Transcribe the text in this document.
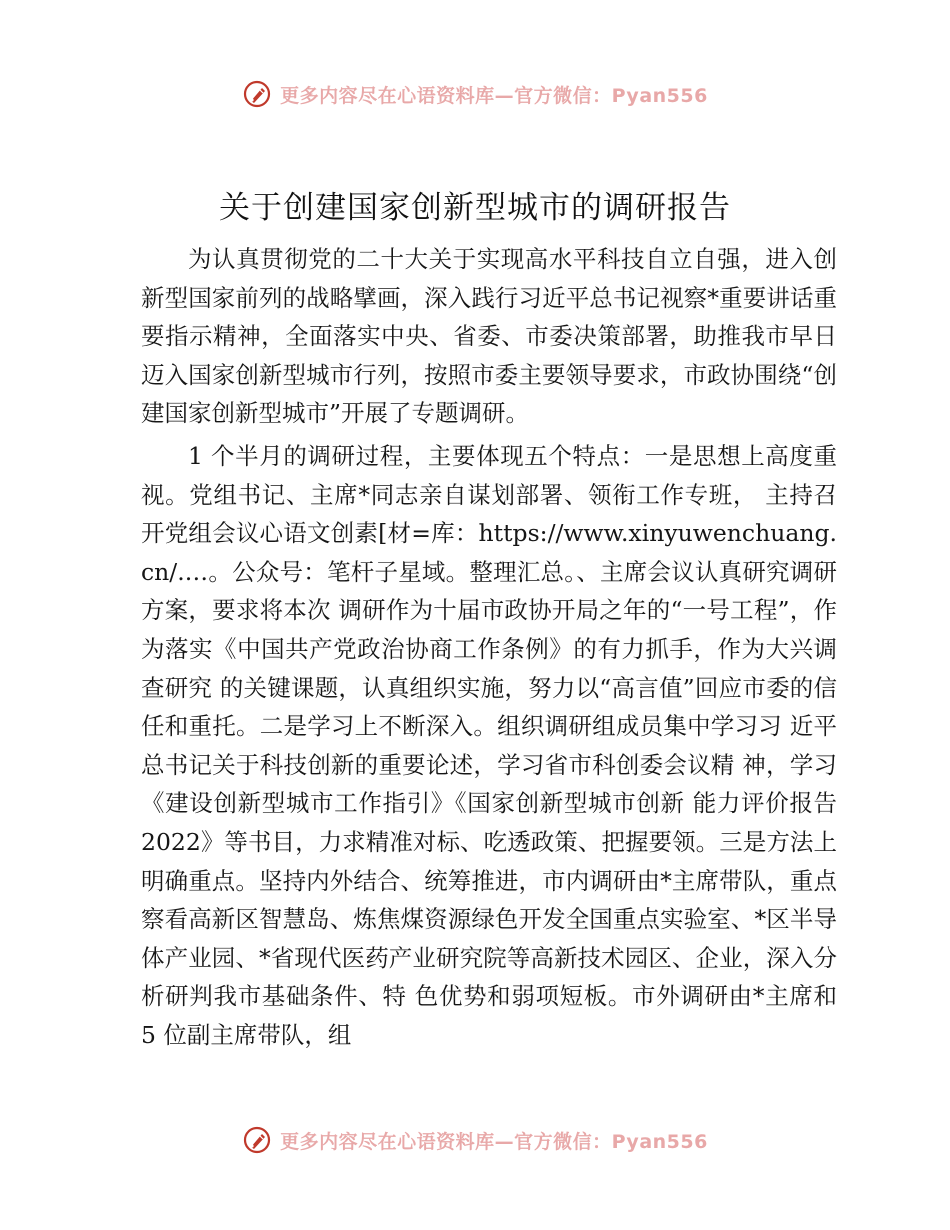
更多内容尽在心语资料库—官方微信：Pyan556
关于创建国家创新型城市的调研报告

为认真贯彻党的二十大关于实现高水平科技自立自强，进入创新型国家前列的战略擘画，深入践行习近平总书记视察*重要讲话重要指示精神，全面落实中央、省委、市委决策部署，助推我市早日迈入国家创新型城市行列，按照市委主要领导要求，市政协围绕“创建国家创新型城市”开展了专题调研。

1 个半月的调研过程，主要体现五个特点：一是思想上高度重视。党组书记、主席*同志亲自谋划部署、领衔工作专班， 主持召开党组会议心语文创素[材=库：https://www.xinyuwenchuang.cn/.…。公众号：笔杆子星域。整理汇总。、主席会议认真研究调研方案，要求将本次 调研作为十届市政协开局之年的“一号工程”，作为落实《中国共产党政治协商工作条例》的有力抓手，作为大兴调查研究 的关键课题，认真组织实施，努力以“高言值”回应市委的信 任和重托。二是学习上不断深入。组织调研组成员集中学习习 近平总书记关于科技创新的重要论述，学习省市科创委会议精 神，学习《建设创新型城市工作指引》《国家创新型城市创新 能力评价报告 2022》等书目，力求精准对标、吃透政策、把握要领。三是方法上明确重点。坚持内外结合、统筹推进，市内调研由*主席带队，重点察看高新区智慧岛、炼焦煤资源绿色开发全国重点实验室、*区半导体产业园、*省现代医药产业研究院等高新技术园区、企业，深入分析研判我市基础条件、特 色优势和弱项短板。市外调研由*主席和 5 位副主席带队，组

更多内容尽在心语资料库—官方微信：Pyan556
